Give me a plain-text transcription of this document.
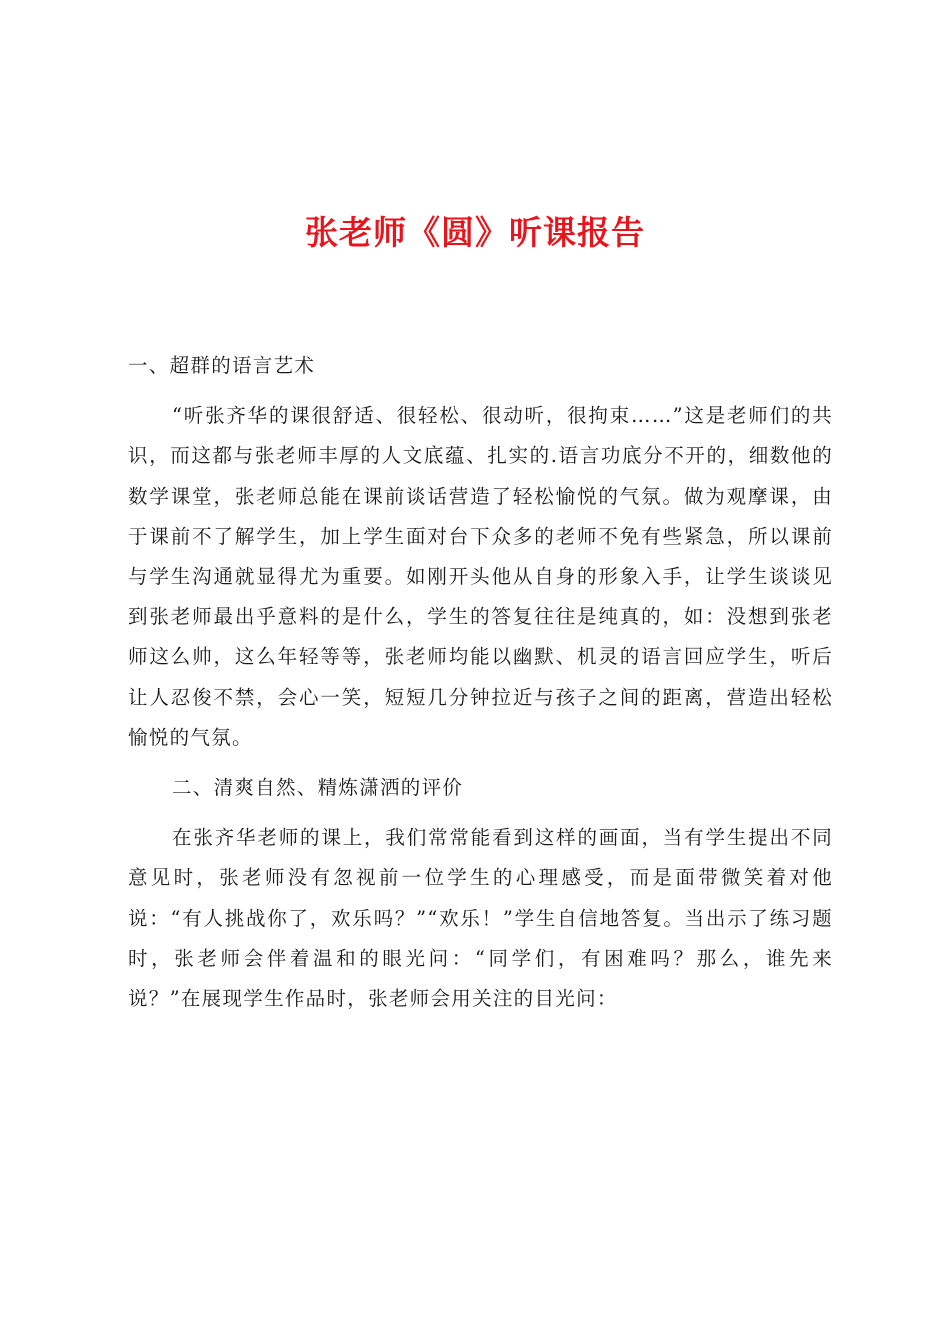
张老师《圆》听课报告

一、超群的语言艺术

“听张齐华的课很舒适、很轻松、很动听，很拘束……”这是老师们的共识，而这都与张老师丰厚的人文底蕴、扎实的.语言功底分不开的，细数他的数学课堂，张老师总能在课前谈话营造了轻松愉悦的气氛。做为观摩课，由于课前不了解学生，加上学生面对台下众多的老师不免有些紧急，所以课前与学生沟通就显得尤为重要。如刚开头他从自身的形象入手，让学生谈谈见到张老师最出乎意料的是什么，学生的答复往往是纯真的，如：没想到张老师这么帅，这么年轻等等，张老师均能以幽默、机灵的语言回应学生，听后让人忍俊不禁，会心一笑，短短几分钟拉近与孩子之间的距离，营造出轻松愉悦的气氛。

二、清爽自然、精炼潇洒的评价

在张齐华老师的课上，我们常常能看到这样的画面，当有学生提出不同意见时，张老师没有忽视前一位学生的心理感受，而是面带微笑着对他说：“有人挑战你了，欢乐吗？”“欢乐！”学生自信地答复。当出示了练习题时，张老师会伴着温和的眼光问：“同学们，有困难吗？那么，谁先来说？”在展现学生作品时，张老师会用关注的目光问：
